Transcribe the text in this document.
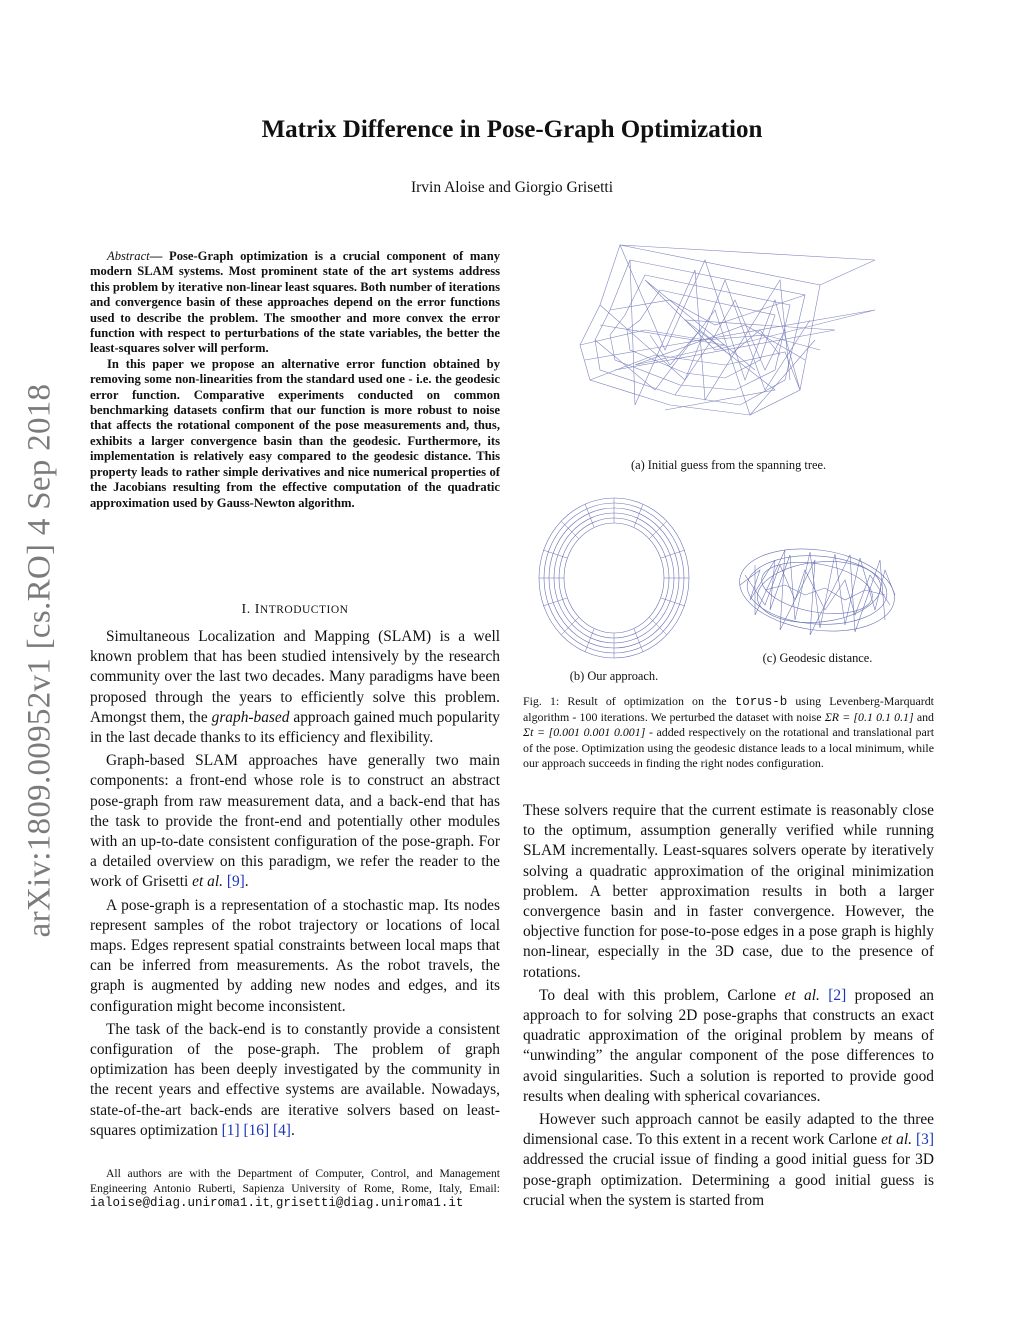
arXiv:1809.00952v1 [cs.RO] 4 Sep 2018
Matrix Difference in Pose-Graph Optimization
Irvin Aloise and Giorgio Grisetti

Abstract— Pose-Graph optimization is a crucial component of many modern SLAM systems. Most prominent state of the art systems address this problem by iterative non-linear least squares. Both number of iterations and convergence basin of these approaches depend on the error functions used to describe the problem. The smoother and more convex the error function with respect to perturbations of the state variables, the better the least-squares solver will perform.

In this paper we propose an alternative error function obtained by removing some non-linearities from the standard used one - i.e. the geodesic error function. Comparative experiments conducted on common benchmarking datasets confirm that our function is more robust to noise that affects the rotational component of the pose measurements and, thus, exhibits a larger convergence basin than the geodesic. Furthermore, its implementation is relatively easy compared to the geodesic distance. This property leads to rather simple derivatives and nice numerical properties of the Jacobians resulting from the effective computation of the quadratic approximation used by Gauss-Newton algorithm.

I. INTRODUCTION

Simultaneous Localization and Mapping (SLAM) is a well known problem that has been studied intensively by the research community over the last two decades. Many paradigms have been proposed through the years to efficiently solve this problem. Amongst them, the graph-based approach gained much popularity in the last decade thanks to its efficiency and flexibility.

Graph-based SLAM approaches have generally two main components: a front-end whose role is to construct an abstract pose-graph from raw measurement data, and a back-end that has the task to provide the front-end and potentially other modules with an up-to-date consistent configuration of the pose-graph. For a detailed overview on this paradigm, we refer the reader to the work of Grisetti et al. [9].

A pose-graph is a representation of a stochastic map. Its nodes represent samples of the robot trajectory or locations of local maps. Edges represent spatial constraints between local maps that can be inferred from measurements. As the robot travels, the graph is augmented by adding new nodes and edges, and its configuration might become inconsistent.

The task of the back-end is to constantly provide a consistent configuration of the pose-graph. The problem of graph optimization has been deeply investigated by the community in the recent years and effective systems are available. Nowadays, state-of-the-art back-ends are iterative solvers based on least-squares optimization [1] [16] [4].

All authors are with the Department of Computer, Control, and Management Engineering Antonio Ruberti, Sapienza University of Rome, Rome, Italy, Email: ialoise@diag.uniroma1.it, grisetti@diag.uniroma1.it

(a) Initial guess from the spanning tree.
(b) Our approach.
(c) Geodesic distance.
Fig. 1: Result of optimization on the torus-b using Levenberg-Marquardt algorithm - 100 iterations. We perturbed the dataset with noise ΣR = [0.1 0.1 0.1] and Σt = [0.001 0.001 0.001] - added respectively on the rotational and translational part of the pose. Optimization using the geodesic distance leads to a local minimum, while our approach succeeds in finding the right nodes configuration.

These solvers require that the current estimate is reasonably close to the optimum, assumption generally verified while running SLAM incrementally. Least-squares solvers operate by iteratively solving a quadratic approximation of the original minimization problem. A better approximation results in both a larger convergence basin and in faster convergence. However, the objective function for pose-to-pose edges in a pose graph is highly non-linear, especially in the 3D case, due to the presence of rotations.

To deal with this problem, Carlone et al. [2] proposed an approach to for solving 2D pose-graphs that constructs an exact quadratic approximation of the original problem by means of “unwinding” the angular component of the pose differences to avoid singularities. Such a solution is reported to provide good results when dealing with spherical covariances.

However such approach cannot be easily adapted to the three dimensional case. To this extent in a recent work Carlone et al. [3] addressed the crucial issue of finding a good initial guess for 3D pose-graph optimization. Determining a good initial guess is crucial when the system is started from
